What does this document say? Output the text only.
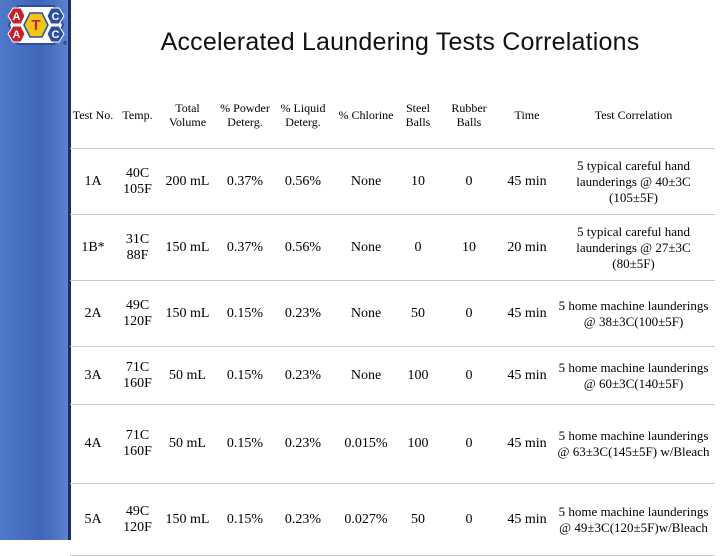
A
A
T C
C
®	Accelerated Laundering Tests Correlations
Test No.	Temp.	Total Volume	% Powder Deterg.	% Liquid Deterg.	% Chlorine	Steel Balls	Rubber Balls	Time	Test Correlation
1A	40C 105F	200 mL	0.37%	0.56%	None	10	0	45 min	5 typical careful hand launderings @ 40±3C (105±5F)
1B*	31C 88F	150 mL	0.37%	0.56%	None	0	10	20 min	5 typical careful hand launderings @ 27±3C (80±5F)
2A	49C 120F	150 mL	0.15%	0.23%	None	50	0	45 min	5 home machine launderings @ 38±3C(100±5F)
3A	71C 160F	50 mL	0.15%	0.23%	None	100	0	45 min	5 home machine launderings @ 60±3C(140±5F)
4A	71C 160F	50 mL	0.15%	0.23%	0.015%	100	0	45 min	5 home machine launderings @ 63±3C(145±5F) w/Bleach
5A	49C 120F	150 mL	0.15%	0.23%	0.027%	50	0	45 min	5 home machine launderings @ 49±3C(120±5F)w/Bleach
